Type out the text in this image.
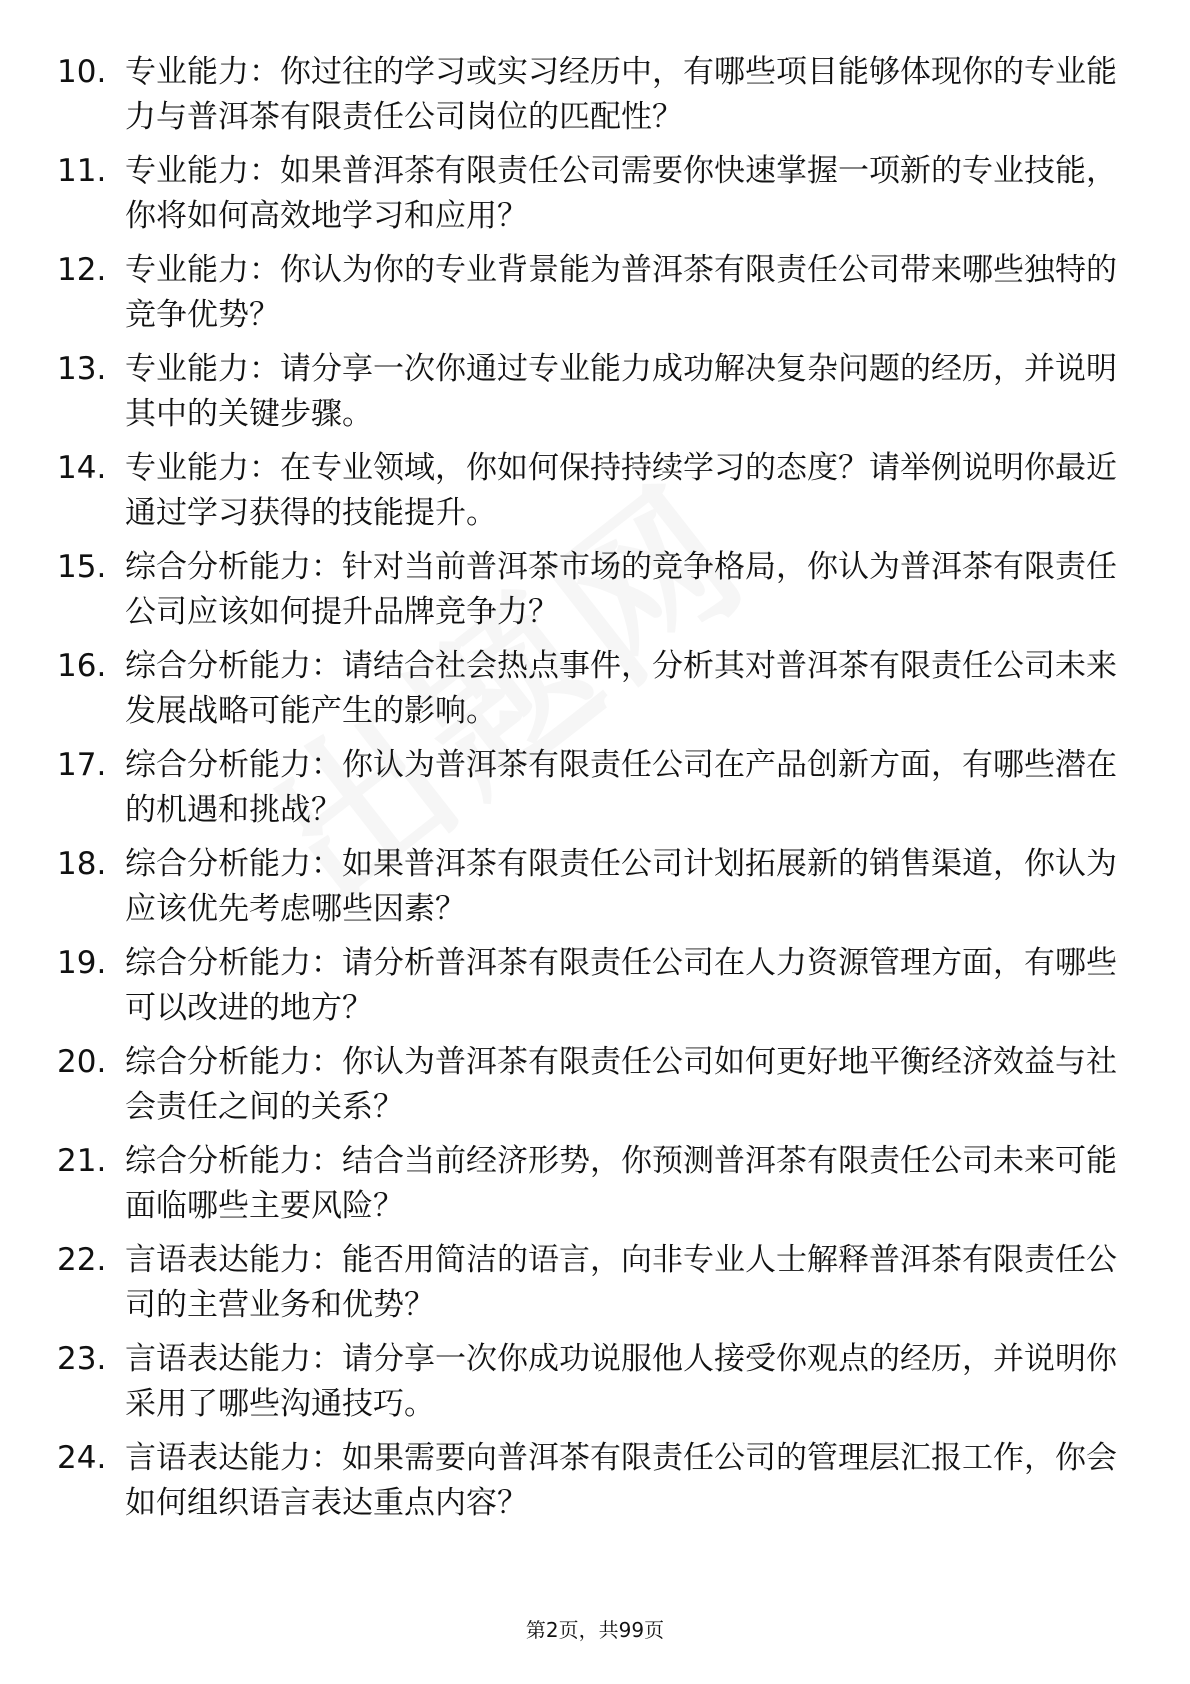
10. 专业能力：你过往的学习或实习经历中，有哪些项目能够体现你的专业能力与普洱茶有限责任公司岗位的匹配性？
11. 专业能力：如果普洱茶有限责任公司需要你快速掌握一项新的专业技能，你将如何高效地学习和应用？
12. 专业能力：你认为你的专业背景能为普洱茶有限责任公司带来哪些独特的竞争优势？
13. 专业能力：请分享一次你通过专业能力成功解决复杂问题的经历，并说明其中的关键步骤。
14. 专业能力：在专业领域，你如何保持持续学习的态度？请举例说明你最近通过学习获得的技能提升。
15. 综合分析能力：针对当前普洱茶市场的竞争格局，你认为普洱茶有限责任公司应该如何提升品牌竞争力？
16. 综合分析能力：请结合社会热点事件，分析其对普洱茶有限责任公司未来发展战略可能产生的影响。
17. 综合分析能力：你认为普洱茶有限责任公司在产品创新方面，有哪些潜在的机遇和挑战？
18. 综合分析能力：如果普洱茶有限责任公司计划拓展新的销售渠道，你认为应该优先考虑哪些因素？
19. 综合分析能力：请分析普洱茶有限责任公司在人力资源管理方面，有哪些可以改进的地方？
20. 综合分析能力：你认为普洱茶有限责任公司如何更好地平衡经济效益与社会责任之间的关系？
21. 综合分析能力：结合当前经济形势，你预测普洱茶有限责任公司未来可能面临哪些主要风险？
22. 言语表达能力：能否用简洁的语言，向非专业人士解释普洱茶有限责任公司的主营业务和优势？
23. 言语表达能力：请分享一次你成功说服他人接受你观点的经历，并说明你采用了哪些沟通技巧。
24. 言语表达能力：如果需要向普洱茶有限责任公司的管理层汇报工作，你会如何组织语言表达重点内容？
第2页，共99页
